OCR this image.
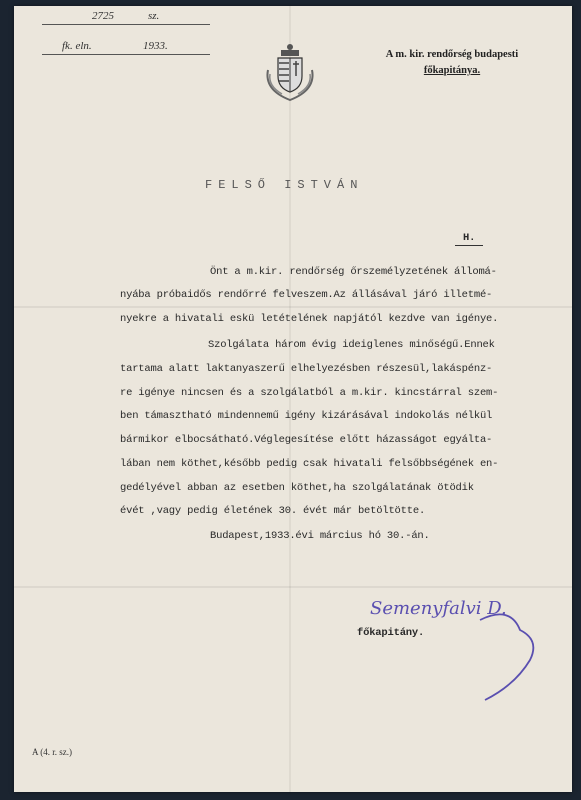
2725	sz.
fk. eln.	1933.
A m. kir. rendőrség budapesti
főkapitánya.
FELSŐ ISTVÁN
H.
Önt a m.kir. rendőrség őrszemélyzetének állomá-
nyába próbaidős rendőrré felveszem.Az állásával járó illetmé-
nyekre a hivatali eskü letételének napjától kezdve van igénye.
Szolgálata három évig ideiglenes minőségű.Ennek
tartama alatt laktanyaszerű elhelyezésben részesül,lakáspénz-
re igénye nincsen és a szolgálatból a m.kir. kincstárral szem-
ben támasztható mindennemű igény kizárásával indokolás nélkül
bármikor elbocsátható.Véglegesítése előtt házasságot egyálta-
lában nem köthet,később pedig csak hivatali felsőbbségének en-
gedélyével abban az esetben köthet,ha szolgálatának ötödik
évét ,vagy pedig életének 30. évét már betöltötte.
Budapest,1933.évi március hó 30.-án.
Semenyfalvi D.
főkapitány.
A (4. r. sz.)
